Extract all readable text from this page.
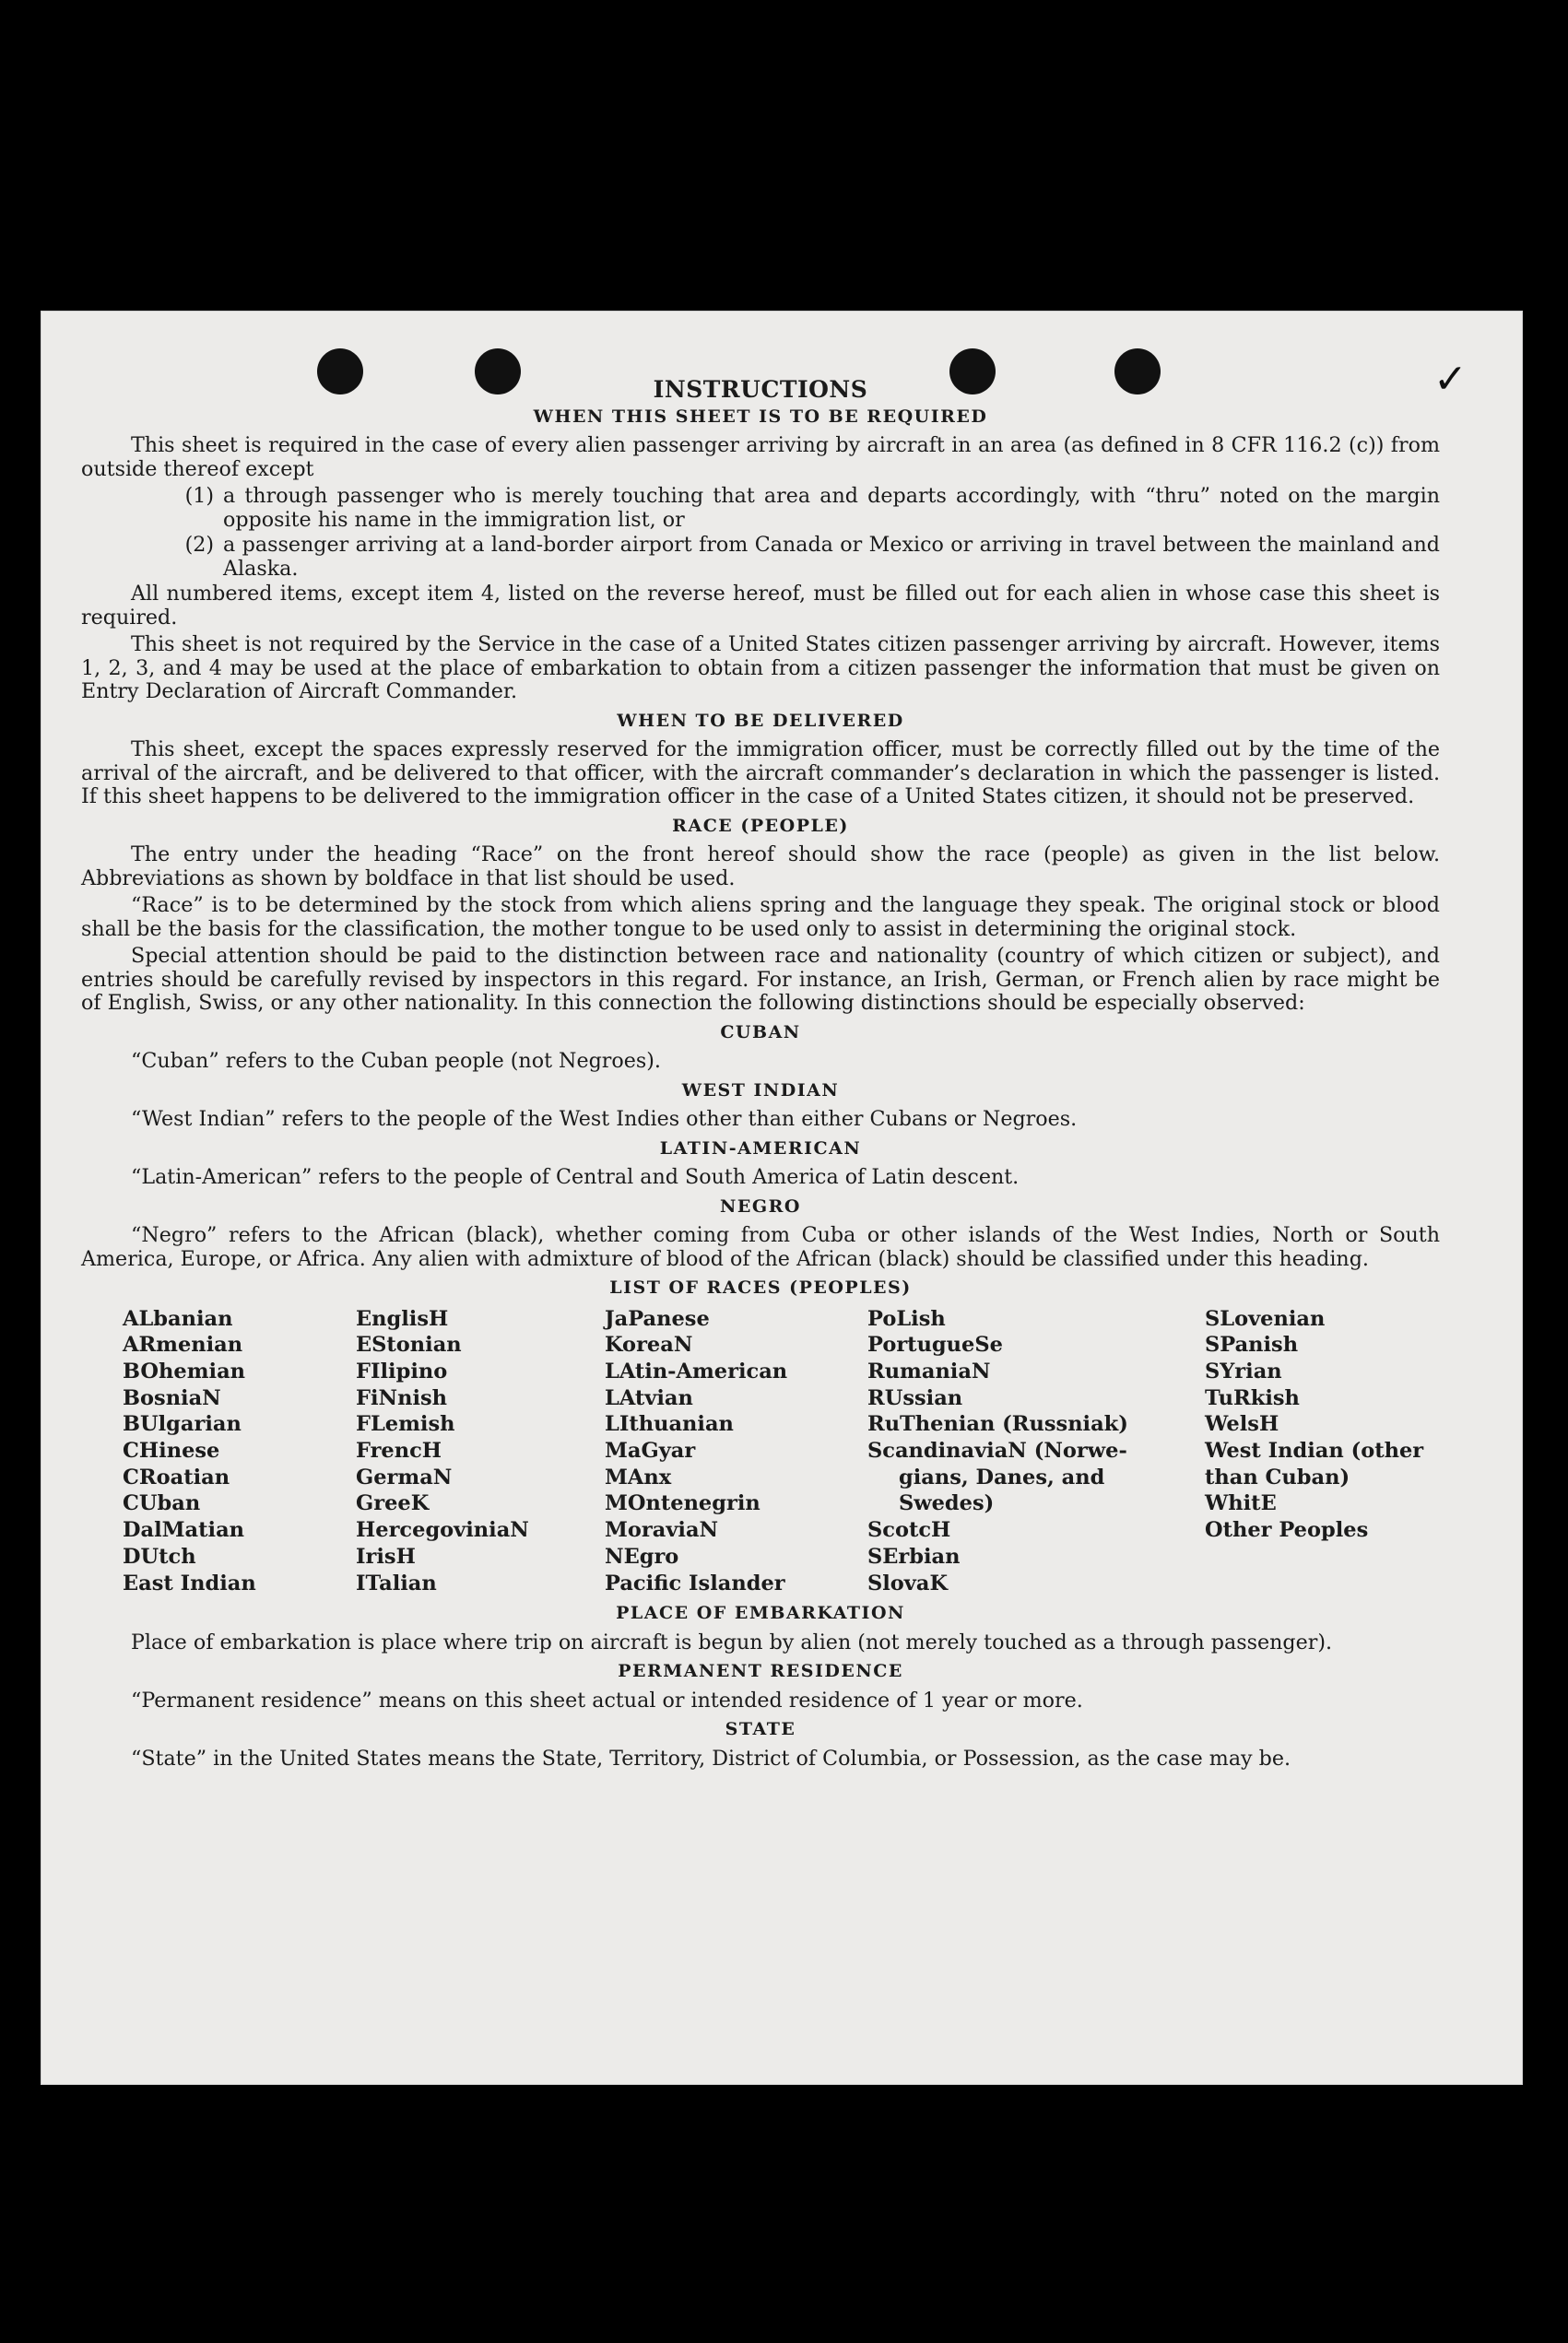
✓
INSTRUCTIONS
WHEN THIS SHEET IS TO BE REQUIRED

This sheet is required in the case of every alien passenger arriving by aircraft in an area (as defined in 8 CFR 116.2 (c)) from outside thereof except

(1) a through passenger who is merely touching that area and departs accordingly, with “thru” noted on the margin opposite his name in the immigration list, or
(2) a passenger arriving at a land-border airport from Canada or Mexico or arriving in travel between the mainland and Alaska.

All numbered items, except item 4, listed on the reverse hereof, must be filled out for each alien in whose case this sheet is required.

This sheet is not required by the Service in the case of a United States citizen passenger arriving by aircraft. However, items 1, 2, 3, and 4 may be used at the place of embarkation to obtain from a citizen passenger the information that must be given on Entry Declaration of Aircraft Commander.

WHEN TO BE DELIVERED

This sheet, except the spaces expressly reserved for the immigration officer, must be correctly filled out by the time of the arrival of the aircraft, and be delivered to that officer, with the aircraft commander’s declaration in which the passenger is listed. If this sheet happens to be delivered to the immigration officer in the case of a United States citizen, it should not be preserved.

RACE (PEOPLE)

The entry under the heading “Race” on the front hereof should show the race (people) as given in the list below. Abbreviations as shown by boldface in that list should be used.

“Race” is to be determined by the stock from which aliens spring and the language they speak. The original stock or blood shall be the basis for the classification, the mother tongue to be used only to assist in determining the original stock.

Special attention should be paid to the distinction between race and nationality (country of which citizen or subject), and entries should be carefully revised by inspectors in this regard. For instance, an Irish, German, or French alien by race might be of English, Swiss, or any other nationality. In this connection the following distinctions should be especially observed:

CUBAN

“Cuban” refers to the Cuban people (not Negroes).

WEST INDIAN

“West Indian” refers to the people of the West Indies other than either Cubans or Negroes.

LATIN-AMERICAN

“Latin-American” refers to the people of Central and South America of Latin descent.

NEGRO

“Negro” refers to the African (black), whether coming from Cuba or other islands of the West Indies, North or South America, Europe, or Africa. Any alien with admixture of blood of the African (black) should be classified under this heading.

LIST OF RACES (PEOPLES)
ALbanian
ARmenian
BOhemian
BosniaN
BUlgarian
CHinese
CRoatian
CUban
DalMatian
DUtch
East Indian
EnglisH
EStonian
FIlipino
FiNnish
FLemish
FrencH
GermaN
GreeK
HercegoviniaN
IrisH
ITalian
JaPanese
KoreaN
LAtin-American
LAtvian
LIthuanian
MaGyar
MAnx
MOntenegrin
MoraviaN
NEgro
Pacific Islander
PoLish
PortugueSe
RumaniaN
RUssian
RuThenian (Russniak)
ScandinaviaN (Norwe-
gians, Danes, and
Swedes)
ScotcH
SErbian
SlovaK
SLovenian
SPanish
SYrian
TuRkish
WelsH
West Indian (other
than Cuban)
WhitE
Other Peoples
PLACE OF EMBARKATION

Place of embarkation is place where trip on aircraft is begun by alien (not merely touched as a through passenger).

PERMANENT RESIDENCE

“Permanent residence” means on this sheet actual or intended residence of 1 year or more.

STATE

“State” in the United States means the State, Territory, District of Columbia, or Possession, as the case may be.
